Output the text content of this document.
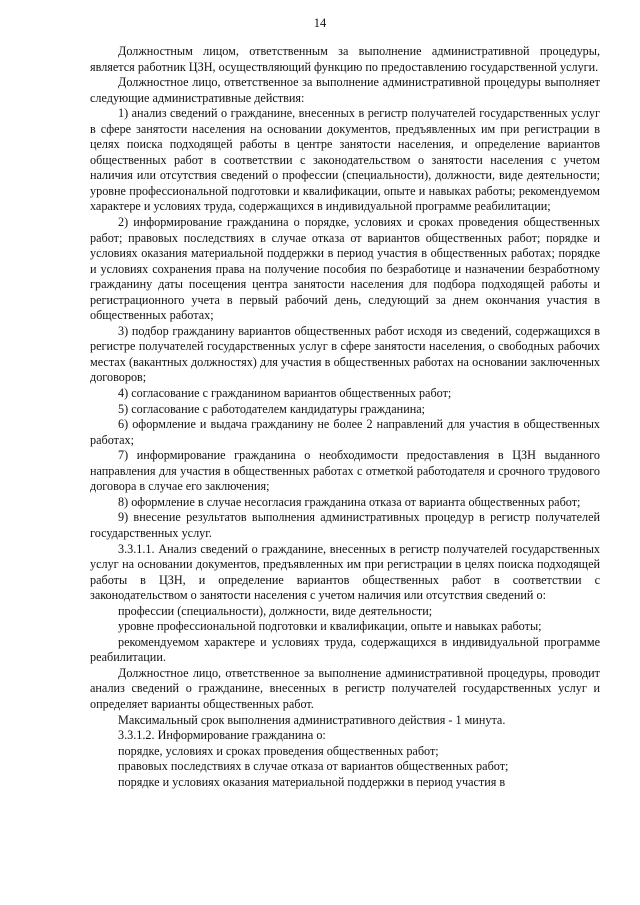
14

Должностным лицом, ответственным за выполнение административной процедуры, является работник ЦЗН, осуществляющий функцию по предоставлению государственной услуги.

Должностное лицо, ответственное за выполнение административной процедуры выполняет следующие административные действия:

1) анализ сведений о гражданине, внесенных в регистр получателей государственных услуг в сфере занятости населения на основании документов, предъявленных им при регистрации в целях поиска подходящей работы в центре занятости населения, и определение вариантов общественных работ в соответствии с законодательством о занятости населения с учетом наличия или отсутствия сведений о профессии (специальности), должности, виде деятельности; уровне профессиональной подготовки и квалификации, опыте и навыках работы; рекомендуемом характере и условиях труда, содержащихся в индивидуальной программе реабилитации;

2) информирование гражданина о порядке, условиях и сроках проведения общественных работ; правовых последствиях в случае отказа от вариантов общественных работ; порядке и условиях оказания материальной поддержки в период участия в общественных работах; порядке и условиях сохранения права на получение пособия по безработице и назначении безработному гражданину даты посещения центра занятости населения для подбора подходящей работы и регистрационного учета в первый рабочий день, следующий за днем окончания участия в общественных работах;

3) подбор гражданину вариантов общественных работ исходя из сведений, содержащихся в регистре получателей государственных услуг в сфере занятости населения, о свободных рабочих местах (вакантных должностях) для участия в общественных работах на основании заключенных договоров;

4) согласование с гражданином вариантов общественных работ;

5) согласование с работодателем кандидатуры гражданина;

6) оформление и выдача гражданину не более 2 направлений для участия в общественных работах;

7) информирование гражданина о необходимости предоставления в ЦЗН выданного направления для участия в общественных работах с отметкой работодателя и срочного трудового договора в случае его заключения;

8) оформление в случае несогласия гражданина отказа от варианта общественных работ;

9) внесение результатов выполнения административных процедур в регистр получателей государственных услуг.

3.3.1.1. Анализ сведений о гражданине, внесенных в регистр получателей государственных услуг на основании документов, предъявленных им при регистрации в целях поиска подходящей работы в ЦЗН, и определение вариантов общественных работ в соответствии с законодательством о занятости населения с учетом наличия или отсутствия сведений о:

профессии (специальности), должности, виде деятельности;

уровне профессиональной подготовки и квалификации, опыте и навыках работы;

рекомендуемом характере и условиях труда, содержащихся в индивидуальной программе реабилитации.

Должностное лицо, ответственное за выполнение административной процедуры, проводит анализ сведений о гражданине, внесенных в регистр получателей государственных услуг и определяет варианты общественных работ.

Максимальный срок выполнения административного действия - 1 минута.

3.3.1.2. Информирование гражданина о:

порядке, условиях и сроках проведения общественных работ;

правовых последствиях в случае отказа от вариантов общественных работ;

порядке и условиях оказания материальной поддержки в период участия в
